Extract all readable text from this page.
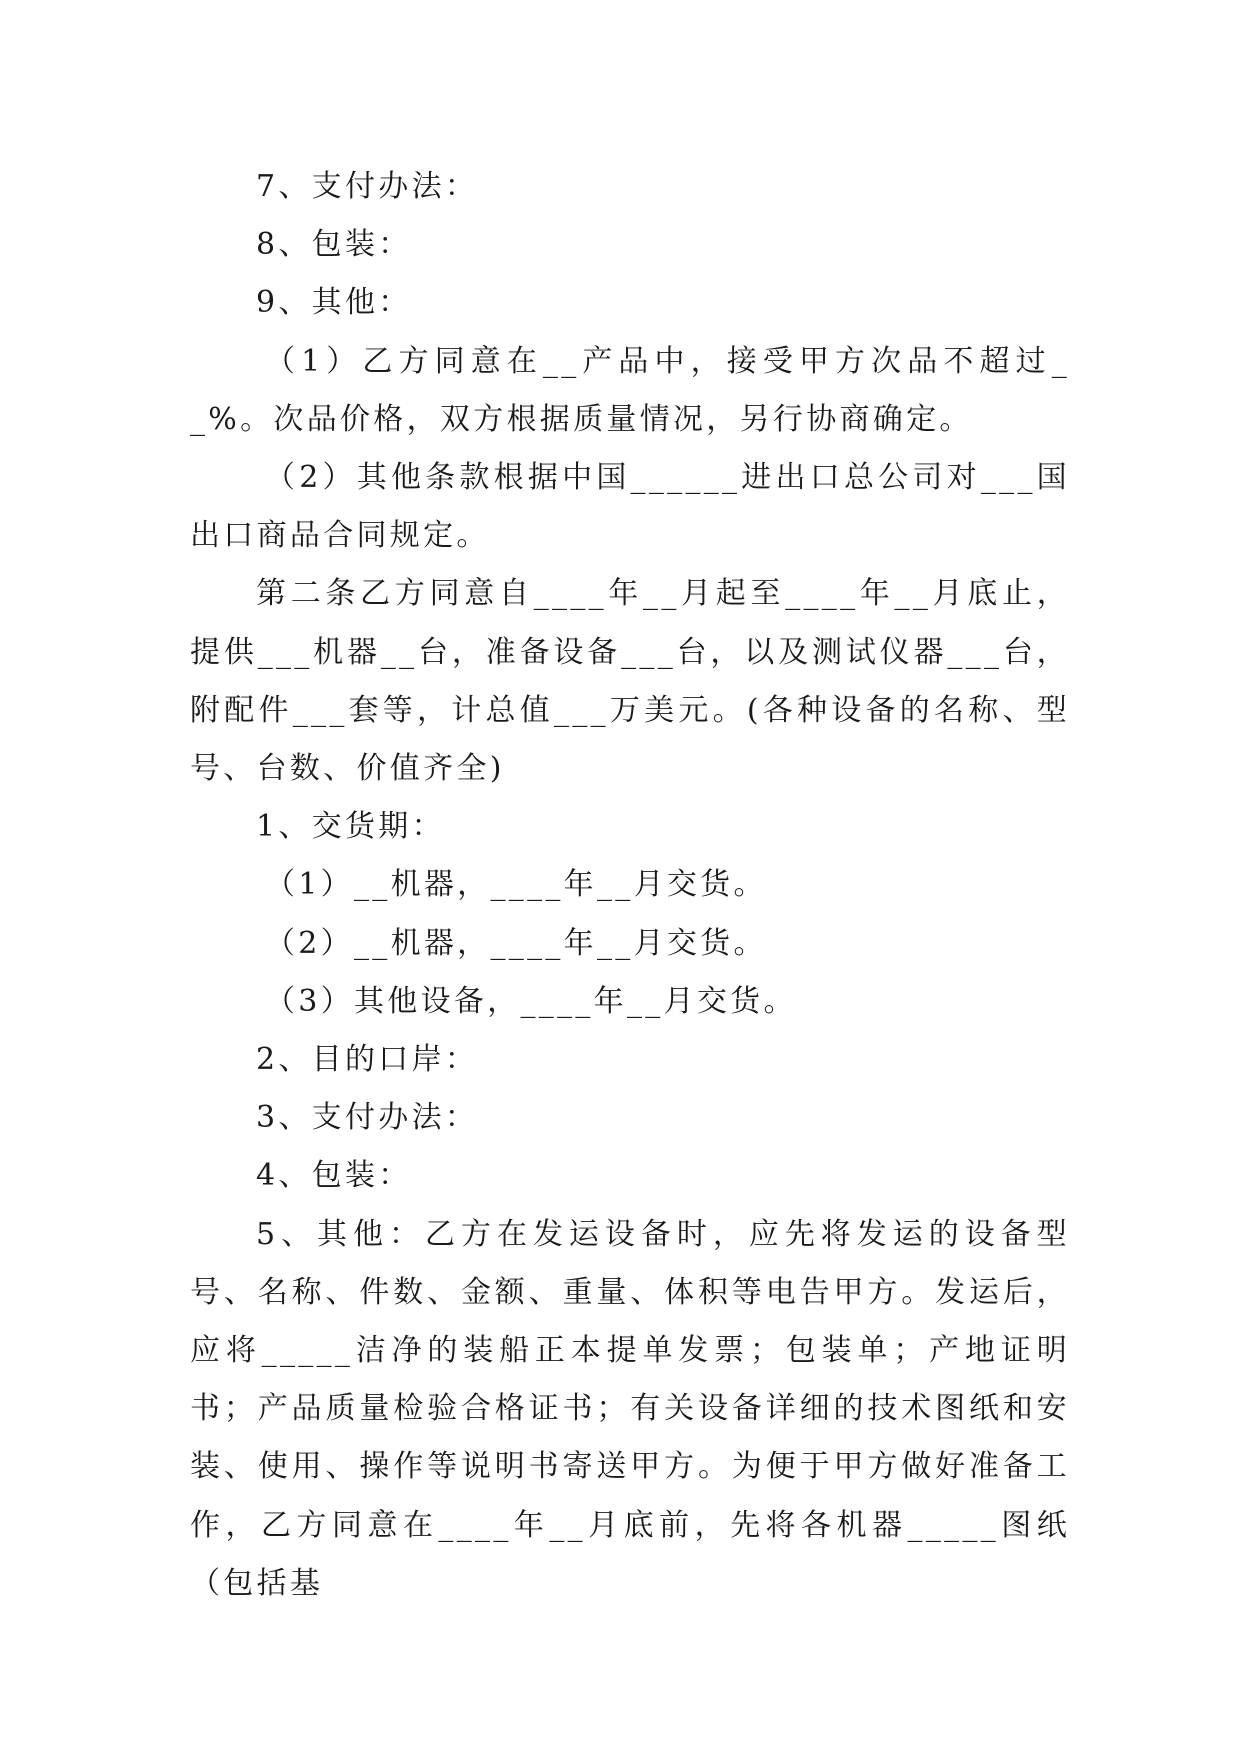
7、支付办法：

8、包装：

9、其他：

（1）乙方同意在__产品中，接受甲方次品不超过__%。次品价格，双方根据质量情况，另行协商确定。

（2）其他条款根据中国______进出口总公司对___国出口商品合同规定。

第二条乙方同意自____年__月起至____年__月底止，提供___机器__台，准备设备___台，以及测试仪器___台，附配件___套等，计总值___万美元。(各种设备的名称、型号、台数、价值齐全)

1、交货期：

（1）__机器，____年__月交货。

（2）__机器，____年__月交货。

（3）其他设备，____年__月交货。

2、目的口岸：

3、支付办法：

4、包装：

5、其他：乙方在发运设备时，应先将发运的设备型号、名称、件数、金额、重量、体积等电告甲方。发运后，应将_____洁净的装船正本提单发票；包装单；产地证明书；产品质量检验合格证书；有关设备详细的技术图纸和安装、使用、操作等说明书寄送甲方。为便于甲方做好准备工作，乙方同意在____年__月底前，先将各机器_____图纸（包括基
